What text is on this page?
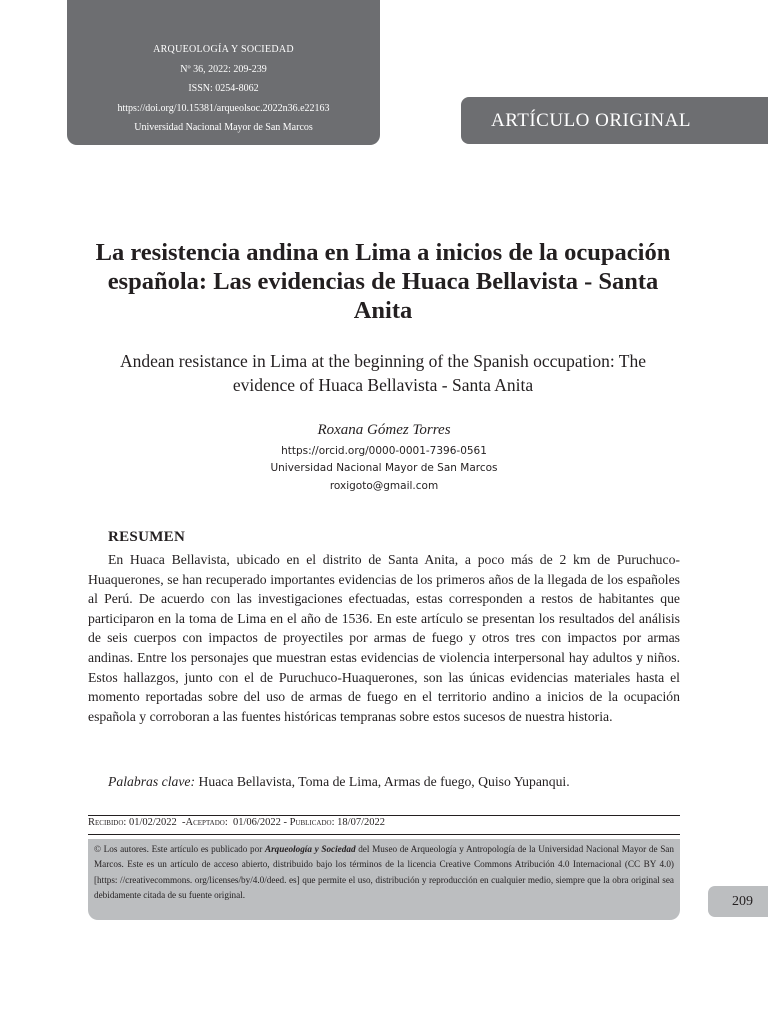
ARQUEOLOGÍA Y SOCIEDAD
Nº 36, 2022: 209-239
ISSN: 0254-8062
https://doi.org/10.15381/arqueolsoc.2022n36.e22163
Universidad Nacional Mayor de San Marcos	ARTÍCULO ORIGINAL
La resistencia andina en Lima a inicios de la ocupación española: Las evidencias de Huaca Bellavista - Santa Anita
Andean resistance in Lima at the beginning of the Spanish occupation: The evidence of Huaca Bellavista - Santa Anita
Roxana Gómez Torres
https://orcid.org/0000-0001-7396-0561
Universidad Nacional Mayor de San Marcos
roxigoto@gmail.com
RESUMEN

En Huaca Bellavista, ubicado en el distrito de Santa Anita, a poco más de 2 km de Puruchuco-Huaquerones, se han recuperado importantes evidencias de los primeros años de la llegada de los españoles al Perú. De acuerdo con las investigaciones efectuadas, estas corresponden a restos de habitantes que participaron en la toma de Lima en el año de 1536. En este artículo se presentan los resultados del análisis de seis cuerpos con impactos de proyectiles por armas de fuego y otros tres con impactos por armas andinas. Entre los personajes que muestran estas evidencias de violencia interpersonal hay adultos y niños. Estos hallazgos, junto con el de Puruchuco-Huaquerones, son las únicas evidencias materiales hasta el momento reportadas sobre del uso de armas de fuego en el territorio andino a inicios de la ocupación española y corroboran a las fuentes históricas tempranas sobre estos sucesos de nuestra historia.

Palabras clave: Huaca Bellavista, Toma de Lima, Armas de fuego, Quiso Yupanqui.
Recibido: 01/02/2022  -Aceptado: 01/06/2022 - Publicado: 18/07/2022
© Los autores. Este artículo es publicado por Arqueología y Sociedad del Museo de Arqueología y Antropología de la Universidad Nacional Mayor de San Marcos. Este es un artículo de acceso abierto, distribuido bajo los términos de la licencia Creative Commons Atribución 4.0 Internacional (CC BY 4.0) [https: //creativecommons. org/licenses/by/4.0/deed. es] que permite el uso, distribución y reproducción en cualquier medio, siempre que la obra original sea debidamente citada de su fuente original.	209
